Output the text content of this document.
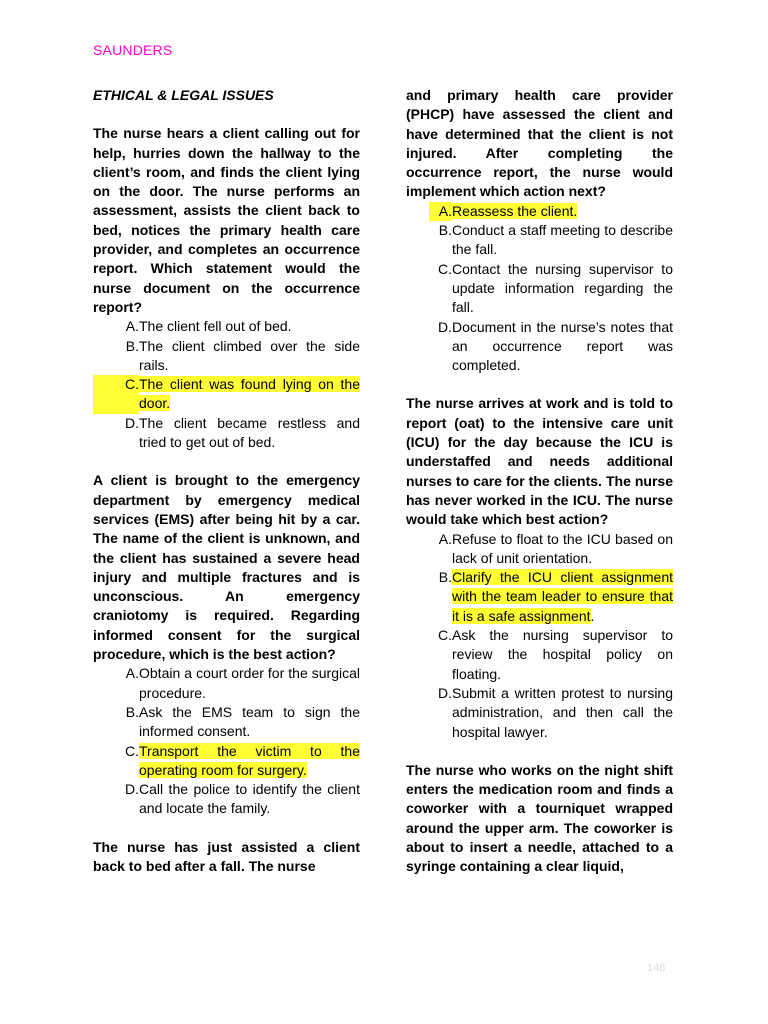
SAUNDERS

ETHICAL & LEGAL ISSUES

The nurse hears a client calling out for help, hurries down the hallway to the client’s room, and finds the client lying on the door. The nurse performs an assessment, assists the client back to bed, notices the primary health care provider, and completes an occurrence report. Which statement would the nurse document on the occurrence report?

A. The client fell out of bed.
B. The client climbed over the side rails.
C. The client was found lying on the door.
D. The client became restless and tried to get out of bed.

A client is brought to the emergency department by emergency medical services (EMS) after being hit by a car. The name of the client is unknown, and the client has sustained a severe head injury and multiple fractures and is unconscious. An emergency craniotomy is required. Regarding informed consent for the surgical procedure, which is the best action?

A. Obtain a court order for the surgical procedure.
B. Ask the EMS team to sign the informed consent.
C. Transport the victim to the operating room for surgery.
D. Call the police to identify the client and locate the family.

The nurse has just assisted a client back to bed after a fall. The nurse

and primary health care provider (PHCP) have assessed the client and have determined that the client is not injured. After completing the occurrence report, the nurse would implement which action next?

A. Reassess the client.
B. Conduct a staff meeting to describe the fall.
C. Contact the nursing supervisor to update information regarding the fall.
D. Document in the nurse’s notes that an occurrence report was completed.

The nurse arrives at work and is told to report (oat) to the intensive care unit (ICU) for the day because the ICU is understaffed and needs additional nurses to care for the clients. The nurse has never worked in the ICU. The nurse would take which best action?

A. Refuse to float to the ICU based on lack of unit orientation.
B. Clarify the ICU client assignment with the team leader to ensure that it is a safe assignment.
C. Ask the nursing supervisor to review the hospital policy on floating.
D. Submit a written protest to nursing administration, and then call the hospital lawyer.

The nurse who works on the night shift enters the medication room and finds a coworker with a tourniquet wrapped around the upper arm. The coworker is about to insert a needle, attached to a syringe containing a clear liquid,

146
